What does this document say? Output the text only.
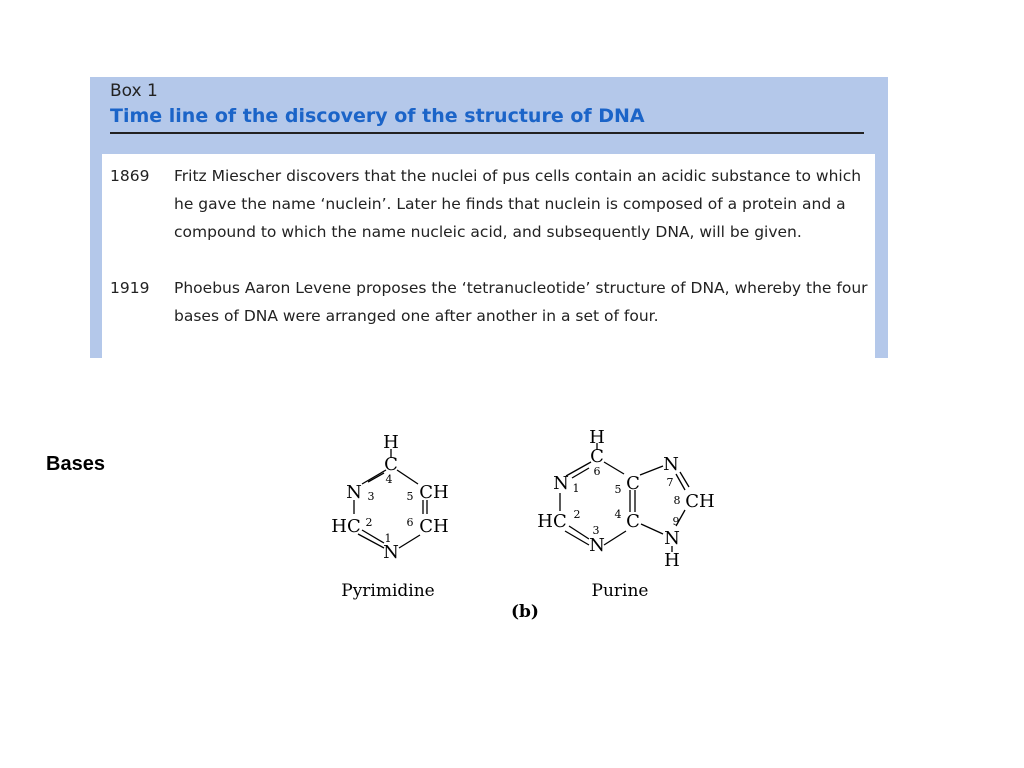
Box 1
Time line of the discovery of the structure of DNA
1869	Fritz Miescher discovers that the nuclei of pus cells contain an acidic substance to which he gave the name ‘nuclein’. Later he finds that nuclein is composed of a protein and a compound to which the name nucleic acid, and subsequently DNA, will be given.
1919	Phoebus Aaron Levene proposes the ‘tetranucleotide’ structure of DNA, whereby the four bases of DNA were arranged one after another in a set of four.
Bases
H
C
4
N 3	5 CH
HC 2	6 CH
1
N
Pyrimidine
H
C
6
N 1	5 C
N
7
8 CH
HC 2	4 C
3
N
9
N
H
Purine
(b)
